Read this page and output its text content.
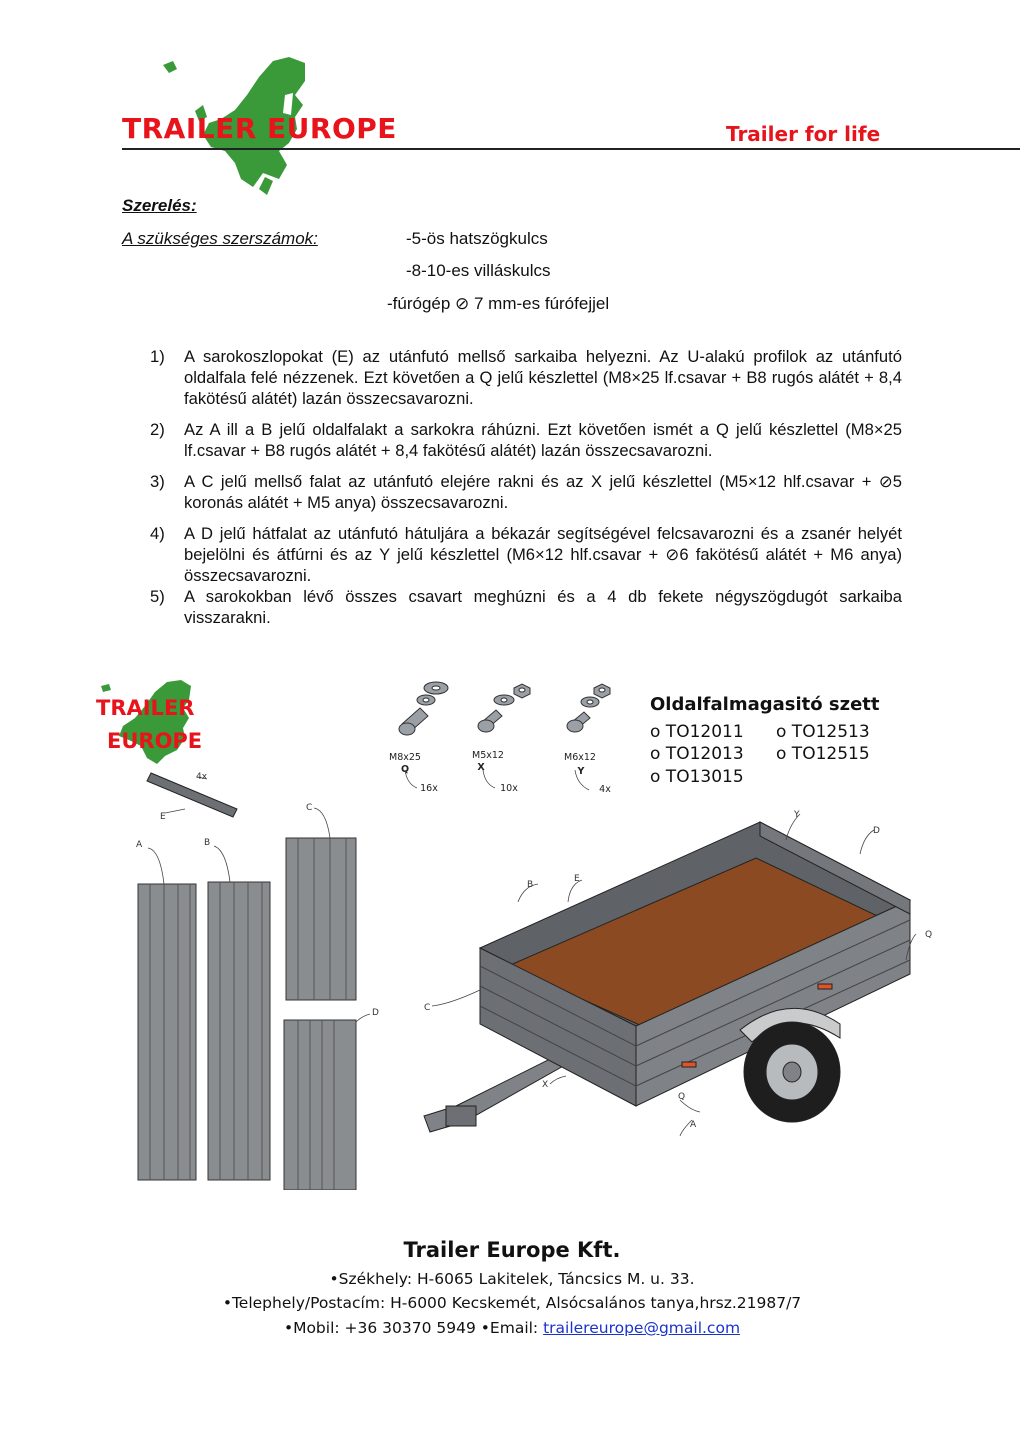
TRAILER EUROPE	Trailer for life
Szerelés:
A szükséges szerszámok:	-5-ös hatszögkulcs
-8-10-es villáskulcs
-fúrógép ⊘ 7 mm-es fúrófejjel
1)	A sarokoszlopokat (E) az utánfutó mellső sarkaiba helyezni. Az U-alakú profilok az utánfutó oldalfala felé nézzenek. Ezt követően a Q jelű készlettel (M8×25 lf.csavar + B8 rugós alátét + 8,4 fakötésű alátét) lazán összecsavarozni.
2)	Az A ill a B jelű oldalfalakt a sarkokra ráhúzni. Ezt követően ismét a Q jelű készlettel (M8×25 lf.csavar + B8 rugós alátét + 8,4 fakötésű alátét) lazán összecsavarozni.
3)	A C jelű mellső falat az utánfutó elejére rakni és az X jelű készlettel (M5×12 hlf.csavar + ⊘5 koronás alátét + M5 anya) összecsavarozni.
4)	A D jelű hátfalat az utánfutó hátuljára a békazár segítségével felcsavarozni és a zsanér helyét bejelölni és átfúrni és az Y jelű készlettel (M6×12 hlf.csavar + ⊘6 fakötésű alátét + M6 anya) összecsavarozni.
5)	A sarokokban lévő összes csavart meghúzni és a 4 db fekete négyszögdugót sarkaiba visszarakni.
TRAILER
EUROPE
M8x25
Q
16x
M5x12
X
10x
M6x12
Y
4x
Oldalfalmagasitó szett
o TO12011 o TO12513
o TO12013 o TO12515
o TO13015
4x
E
A	B
C
D
B
E
Y
D
Q
C
X
Q
A
Trailer Europe Kft.
•Székhely: H-6065 Lakitelek, Táncsics M. u. 33.
•Telephely/Postacím: H-6000 Kecskemét, Alsócsalános tanya,hrsz.21987/7
•Mobil: +36 30370 5949 •Email: trailereurope@gmail.com
